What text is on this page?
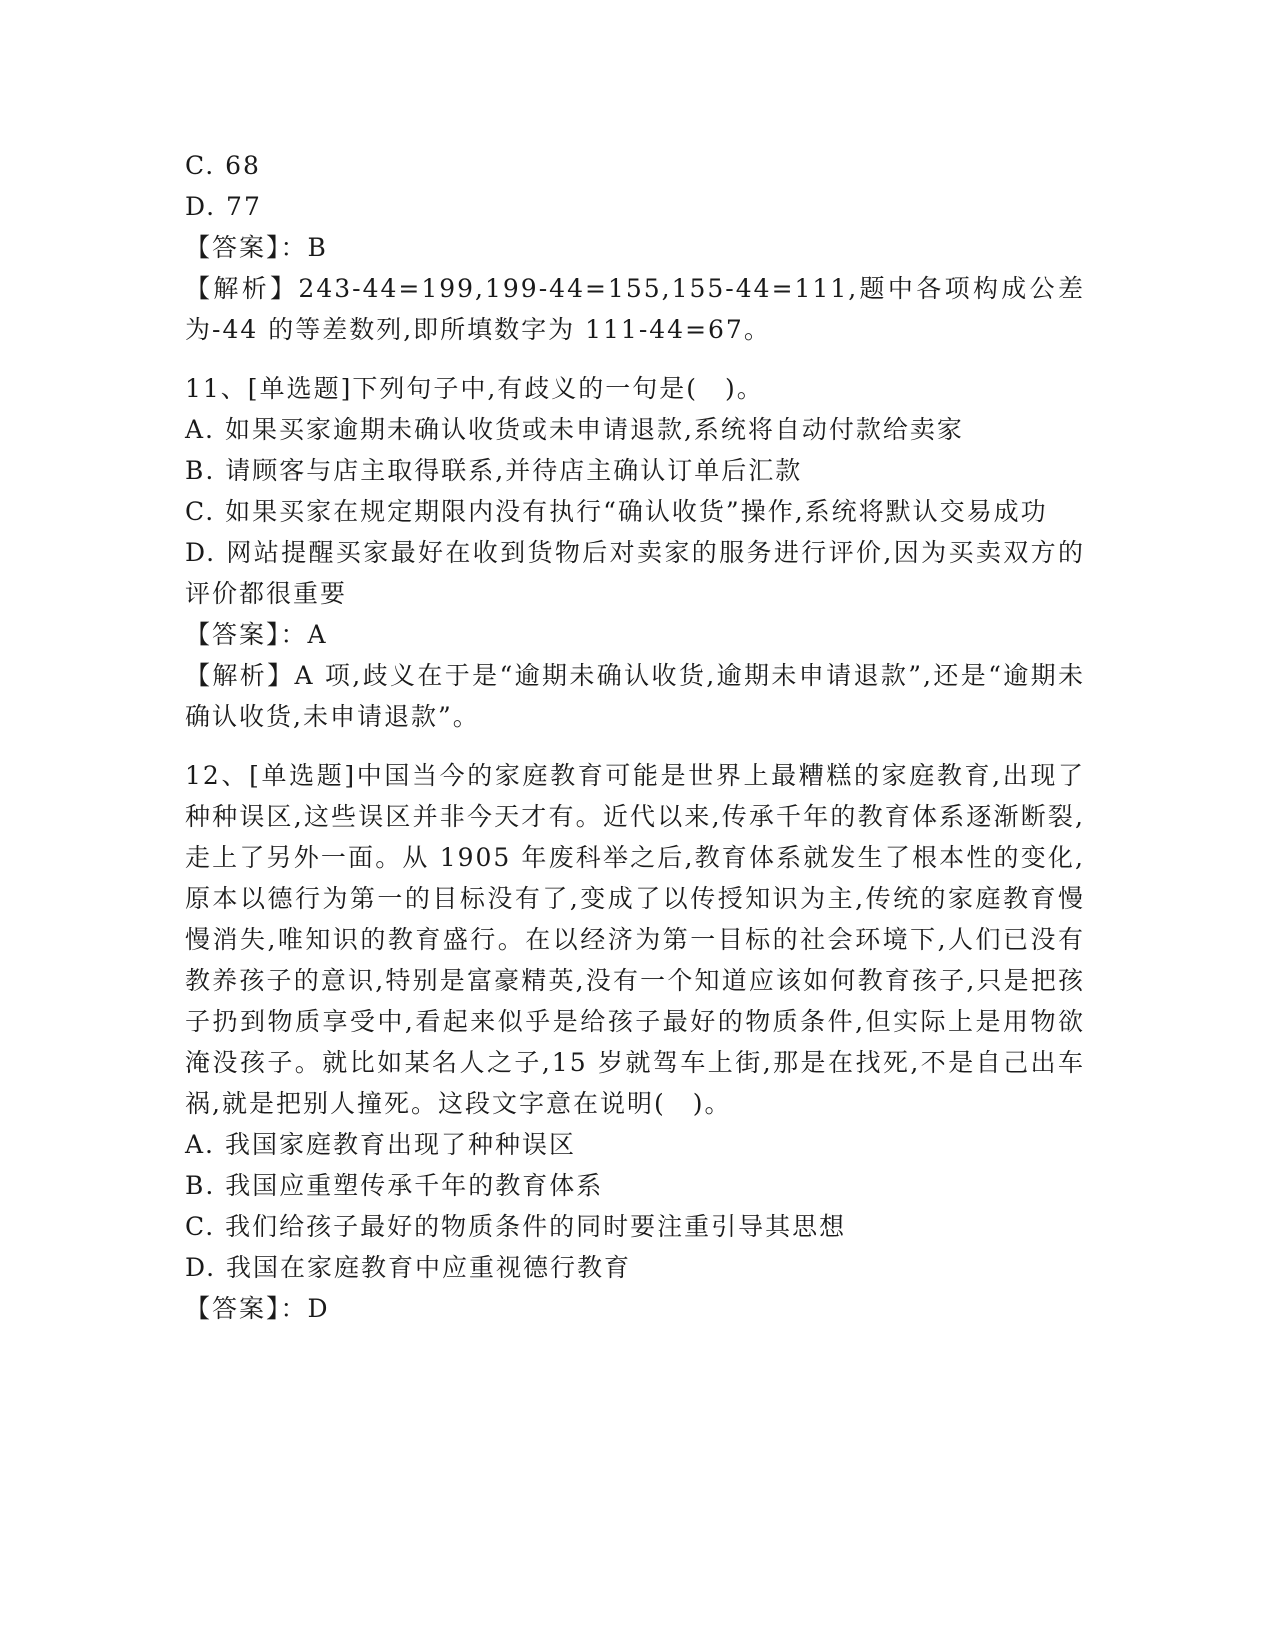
C. 68
D. 77
【答案】：B
【解析】243-44=199,199-44=155,155-44=111,题中各项构成公差为-44 的等差数列,即所填数字为 111-44=67。
11、[单选题]下列句子中,有歧义的一句是(　)。
A. 如果买家逾期未确认收货或未申请退款,系统将自动付款给卖家
B. 请顾客与店主取得联系,并待店主确认订单后汇款
C. 如果买家在规定期限内没有执行“确认收货”操作,系统将默认交易成功
D. 网站提醒买家最好在收到货物后对卖家的服务进行评价,因为买卖双方的评价都很重要
【答案】：A
【解析】A 项,歧义在于是“逾期未确认收货,逾期未申请退款”,还是“逾期未确认收货,未申请退款”。
12、[单选题]中国当今的家庭教育可能是世界上最糟糕的家庭教育,出现了种种误区,这些误区并非今天才有。近代以来,传承千年的教育体系逐渐断裂,走上了另外一面。从 1905 年废科举之后,教育体系就发生了根本性的变化,原本以德行为第一的目标没有了,变成了以传授知识为主,传统的家庭教育慢慢消失,唯知识的教育盛行。在以经济为第一目标的社会环境下,人们已没有教养孩子的意识,特别是富豪精英,没有一个知道应该如何教育孩子,只是把孩子扔到物质享受中,看起来似乎是给孩子最好的物质条件,但实际上是用物欲淹没孩子。就比如某名人之子,15 岁就驾车上街,那是在找死,不是自己出车祸,就是把别人撞死。这段文字意在说明(　)。
A. 我国家庭教育出现了种种误区
B. 我国应重塑传承千年的教育体系
C. 我们给孩子最好的物质条件的同时要注重引导其思想
D. 我国在家庭教育中应重视德行教育
【答案】：D
